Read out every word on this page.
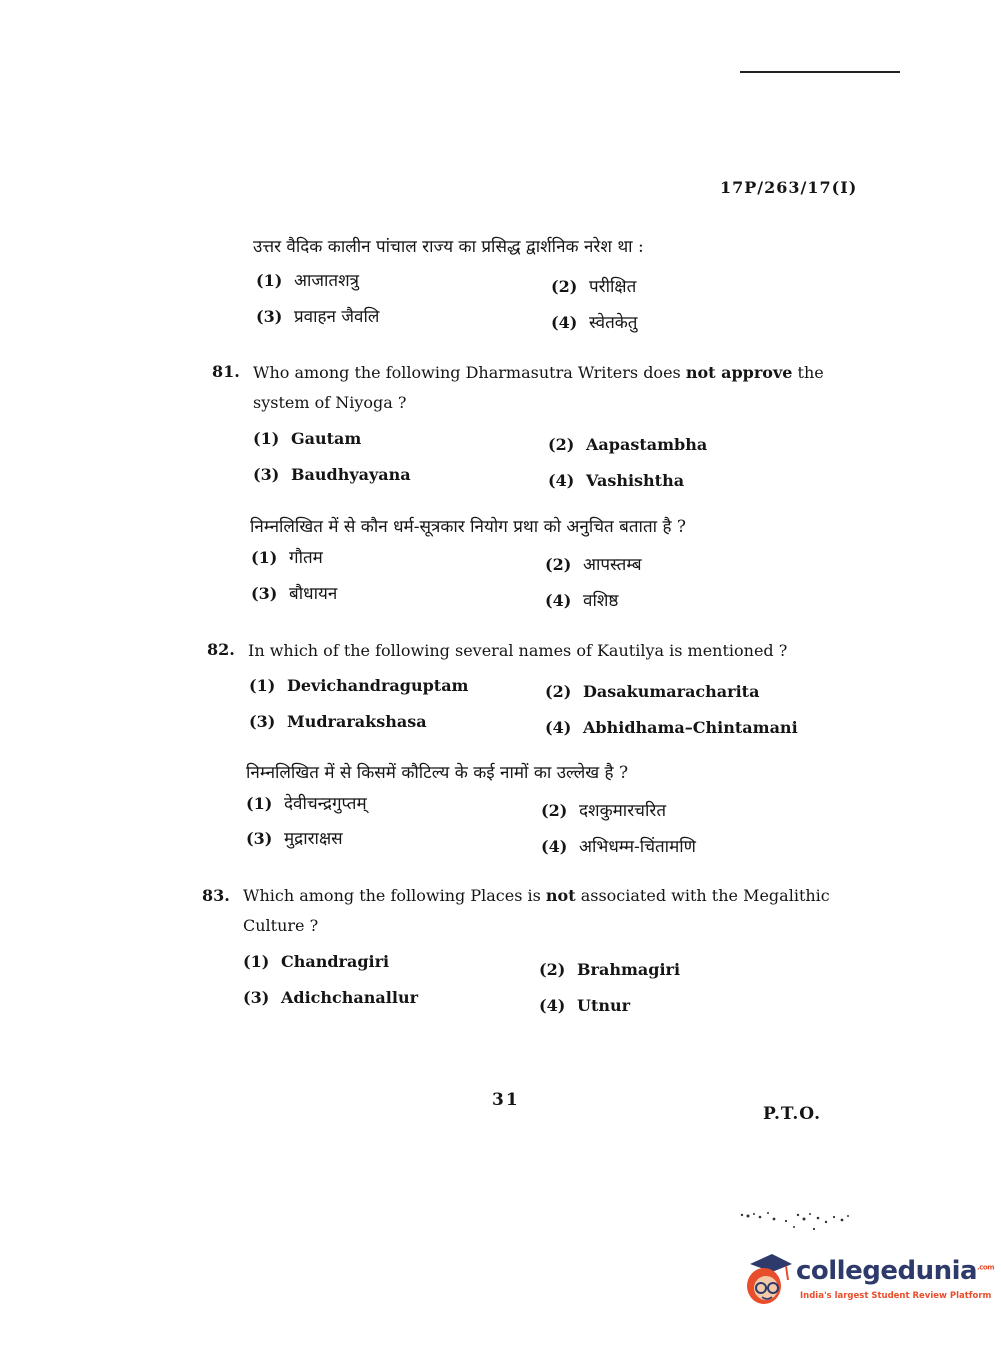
17P/263/17(I)
उत्तर वैदिक कालीन पांचाल राज्य का प्रसिद्ध द्वार्शनिक नरेश था :
(1) आजातशत्रु	(2) परीक्षित
(3) प्रवाहन जैवलि	(4) स्वेतकेतु
81. Who among the following Dharmasutra Writers does not approve the system of Niyoga ?
(1) Gautam	(2) Aapastambha
(3) Baudhyayana	(4) Vashishtha
निम्नलिखित में से कौन धर्म-सूत्रकार नियोग प्रथा को अनुचित बताता है ?
(1) गौतम	(2) आपस्तम्ब
(3) बौधायन	(4) वशिष्ठ
82. In which of the following several names of Kautilya is mentioned ?
(1) Devichandraguptam	(2) Dasakumaracharita
(3) Mudrarakshasa	(4) Abhidhama–Chintamani
निम्नलिखित में से किसमें कौटिल्य के कई नामों का उल्लेख है ?
(1) देवीचन्द्रगुप्तम्	(2) दशकुमारचरित
(3) मुद्राराक्षस	(4) अभिधम्म-चिंतामणि
83. Which among the following Places is not associated with the Megalithic Culture ?
(1) Chandragiri	(2) Brahmagiri
(3) Adichchanallur	(4) Utnur
31
P.T.O.
collegedunia$^{.com}$
India's largest Student Review Platform
